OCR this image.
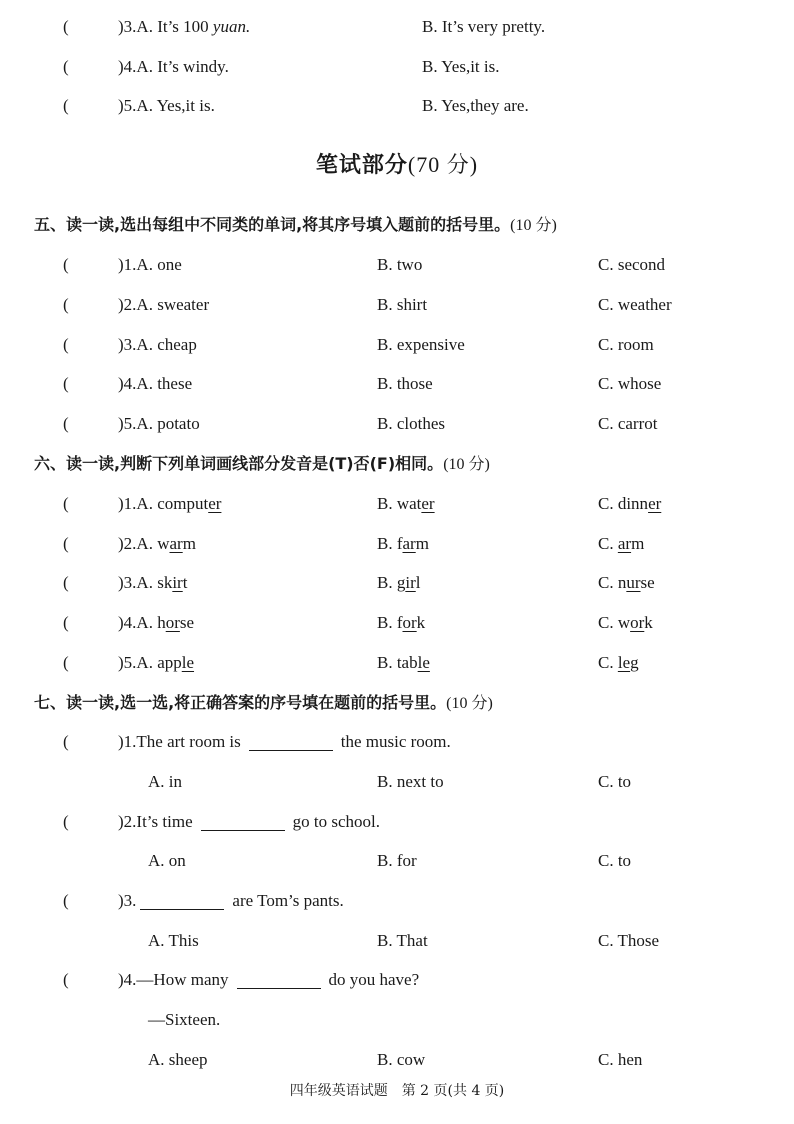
(	)3.A. It’s 100 yuan.	B. It’s very pretty.
(	)4.A. It’s windy.	B. Yes,it is.
(	)5.A. Yes,it is.	B. Yes,they are.
笔试部分(70 分)
五、读一读,选出每组中不同类的单词,将其序号填入题前的括号里。(10 分)
(	)1.A. one	B. two	C. second
(	)2.A. sweater	B. shirt	C. weather
(	)3.A. cheap	B. expensive	C. room
(	)4.A. these	B. those	C. whose
(	)5.A. potato	B. clothes	C. carrot
六、读一读,判断下列单词画线部分发音是(T)否(F)相同。(10 分)
(	)1.A. computer	B. water	C. dinner
(	)2.A. warm	B. farm	C. arm
(	)3.A. skirt	B. girl	C. nurse
(	)4.A. horse	B. fork	C. work
(	)5.A. apple	B. table	C. leg
七、读一读,选一选,将正确答案的序号填在题前的括号里。(10 分)
(	)1.The art room is	the music room.
A. in	B. next to	C. to
(	)2.It’s time	go to school.
A. on	B. for	C. to
(	)3.	are Tom’s pants.
A. This	B. That	C. Those
(	)4.—How many	do you have?
—Sixteen.
A. sheep	B. cow	C. hen
四年级英语试题　第 2 页(共 4 页)
